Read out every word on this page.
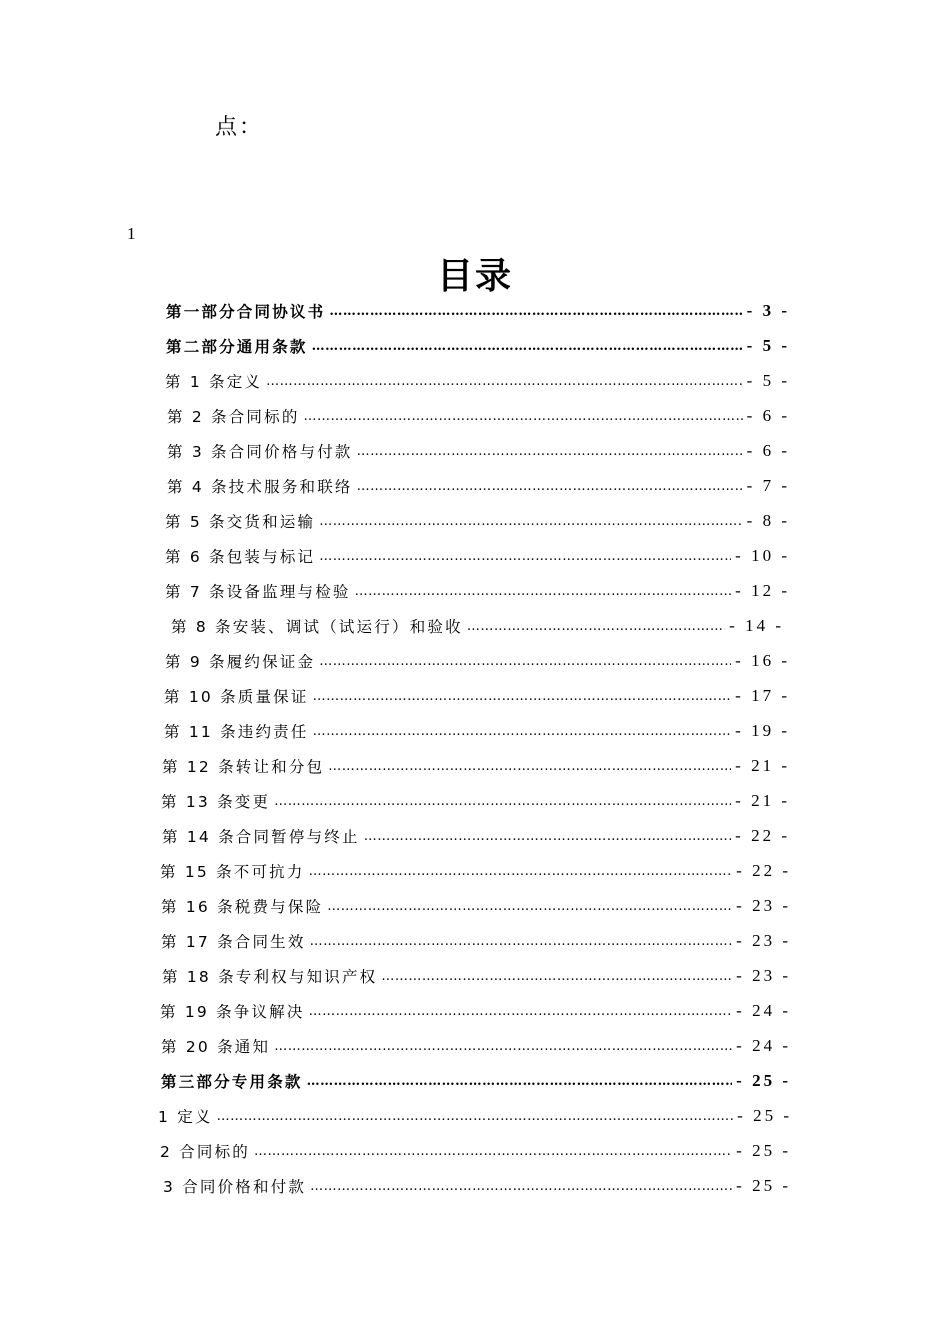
点：
1
目录
第一部分合同协议书 …………………………………………………………………………………………………………………………………………………………………………………………	- 3 -
第二部分通用条款 …………………………………………………………………………………………………………………………………………………………………………………………	- 5 -
第 1 条定义 …………………………………………………………………………………………………………………………………………………………………………………………	- 5 -
第 2 条合同标的 …………………………………………………………………………………………………………………………………………………………………………………………	- 6 -
第 3 条合同价格与付款 …………………………………………………………………………………………………………………………………………………………………………………………	- 6 -
第 4 条技术服务和联络 …………………………………………………………………………………………………………………………………………………………………………………………	- 7 -
第 5 条交货和运输 …………………………………………………………………………………………………………………………………………………………………………………………	- 8 -
第 6 条包装与标记 …………………………………………………………………………………………………………………………………………………………………………………………	- 10 -
第 7 条设备监理与检验 …………………………………………………………………………………………………………………………………………………………………………………………	- 12 -
第 8 条安装、调试（试运行）和验收 …………………………………………………………………………………………………………………………………………………………………………………………	- 14 -
第 9 条履约保证金 …………………………………………………………………………………………………………………………………………………………………………………………	- 16 -
第 10 条质量保证 …………………………………………………………………………………………………………………………………………………………………………………………	- 17 -
第 11 条违约责任 …………………………………………………………………………………………………………………………………………………………………………………………	- 19 -
第 12 条转让和分包 …………………………………………………………………………………………………………………………………………………………………………………………	- 21 -
第 13 条变更 …………………………………………………………………………………………………………………………………………………………………………………………	- 21 -
第 14 条合同暂停与终止 …………………………………………………………………………………………………………………………………………………………………………………………	- 22 -
第 15 条不可抗力 …………………………………………………………………………………………………………………………………………………………………………………………	- 22 -
第 16 条税费与保险 …………………………………………………………………………………………………………………………………………………………………………………………	- 23 -
第 17 条合同生效 …………………………………………………………………………………………………………………………………………………………………………………………	- 23 -
第 18 条专利权与知识产权 …………………………………………………………………………………………………………………………………………………………………………………………	- 23 -
第 19 条争议解决 …………………………………………………………………………………………………………………………………………………………………………………………	- 24 -
第 20 条通知 …………………………………………………………………………………………………………………………………………………………………………………………	- 24 -
第三部分专用条款 …………………………………………………………………………………………………………………………………………………………………………………………	- 25 -
1 定义 …………………………………………………………………………………………………………………………………………………………………………………………	- 25 -
2 合同标的 …………………………………………………………………………………………………………………………………………………………………………………………	- 25 -
3 合同价格和付款 …………………………………………………………………………………………………………………………………………………………………………………………	- 25 -
